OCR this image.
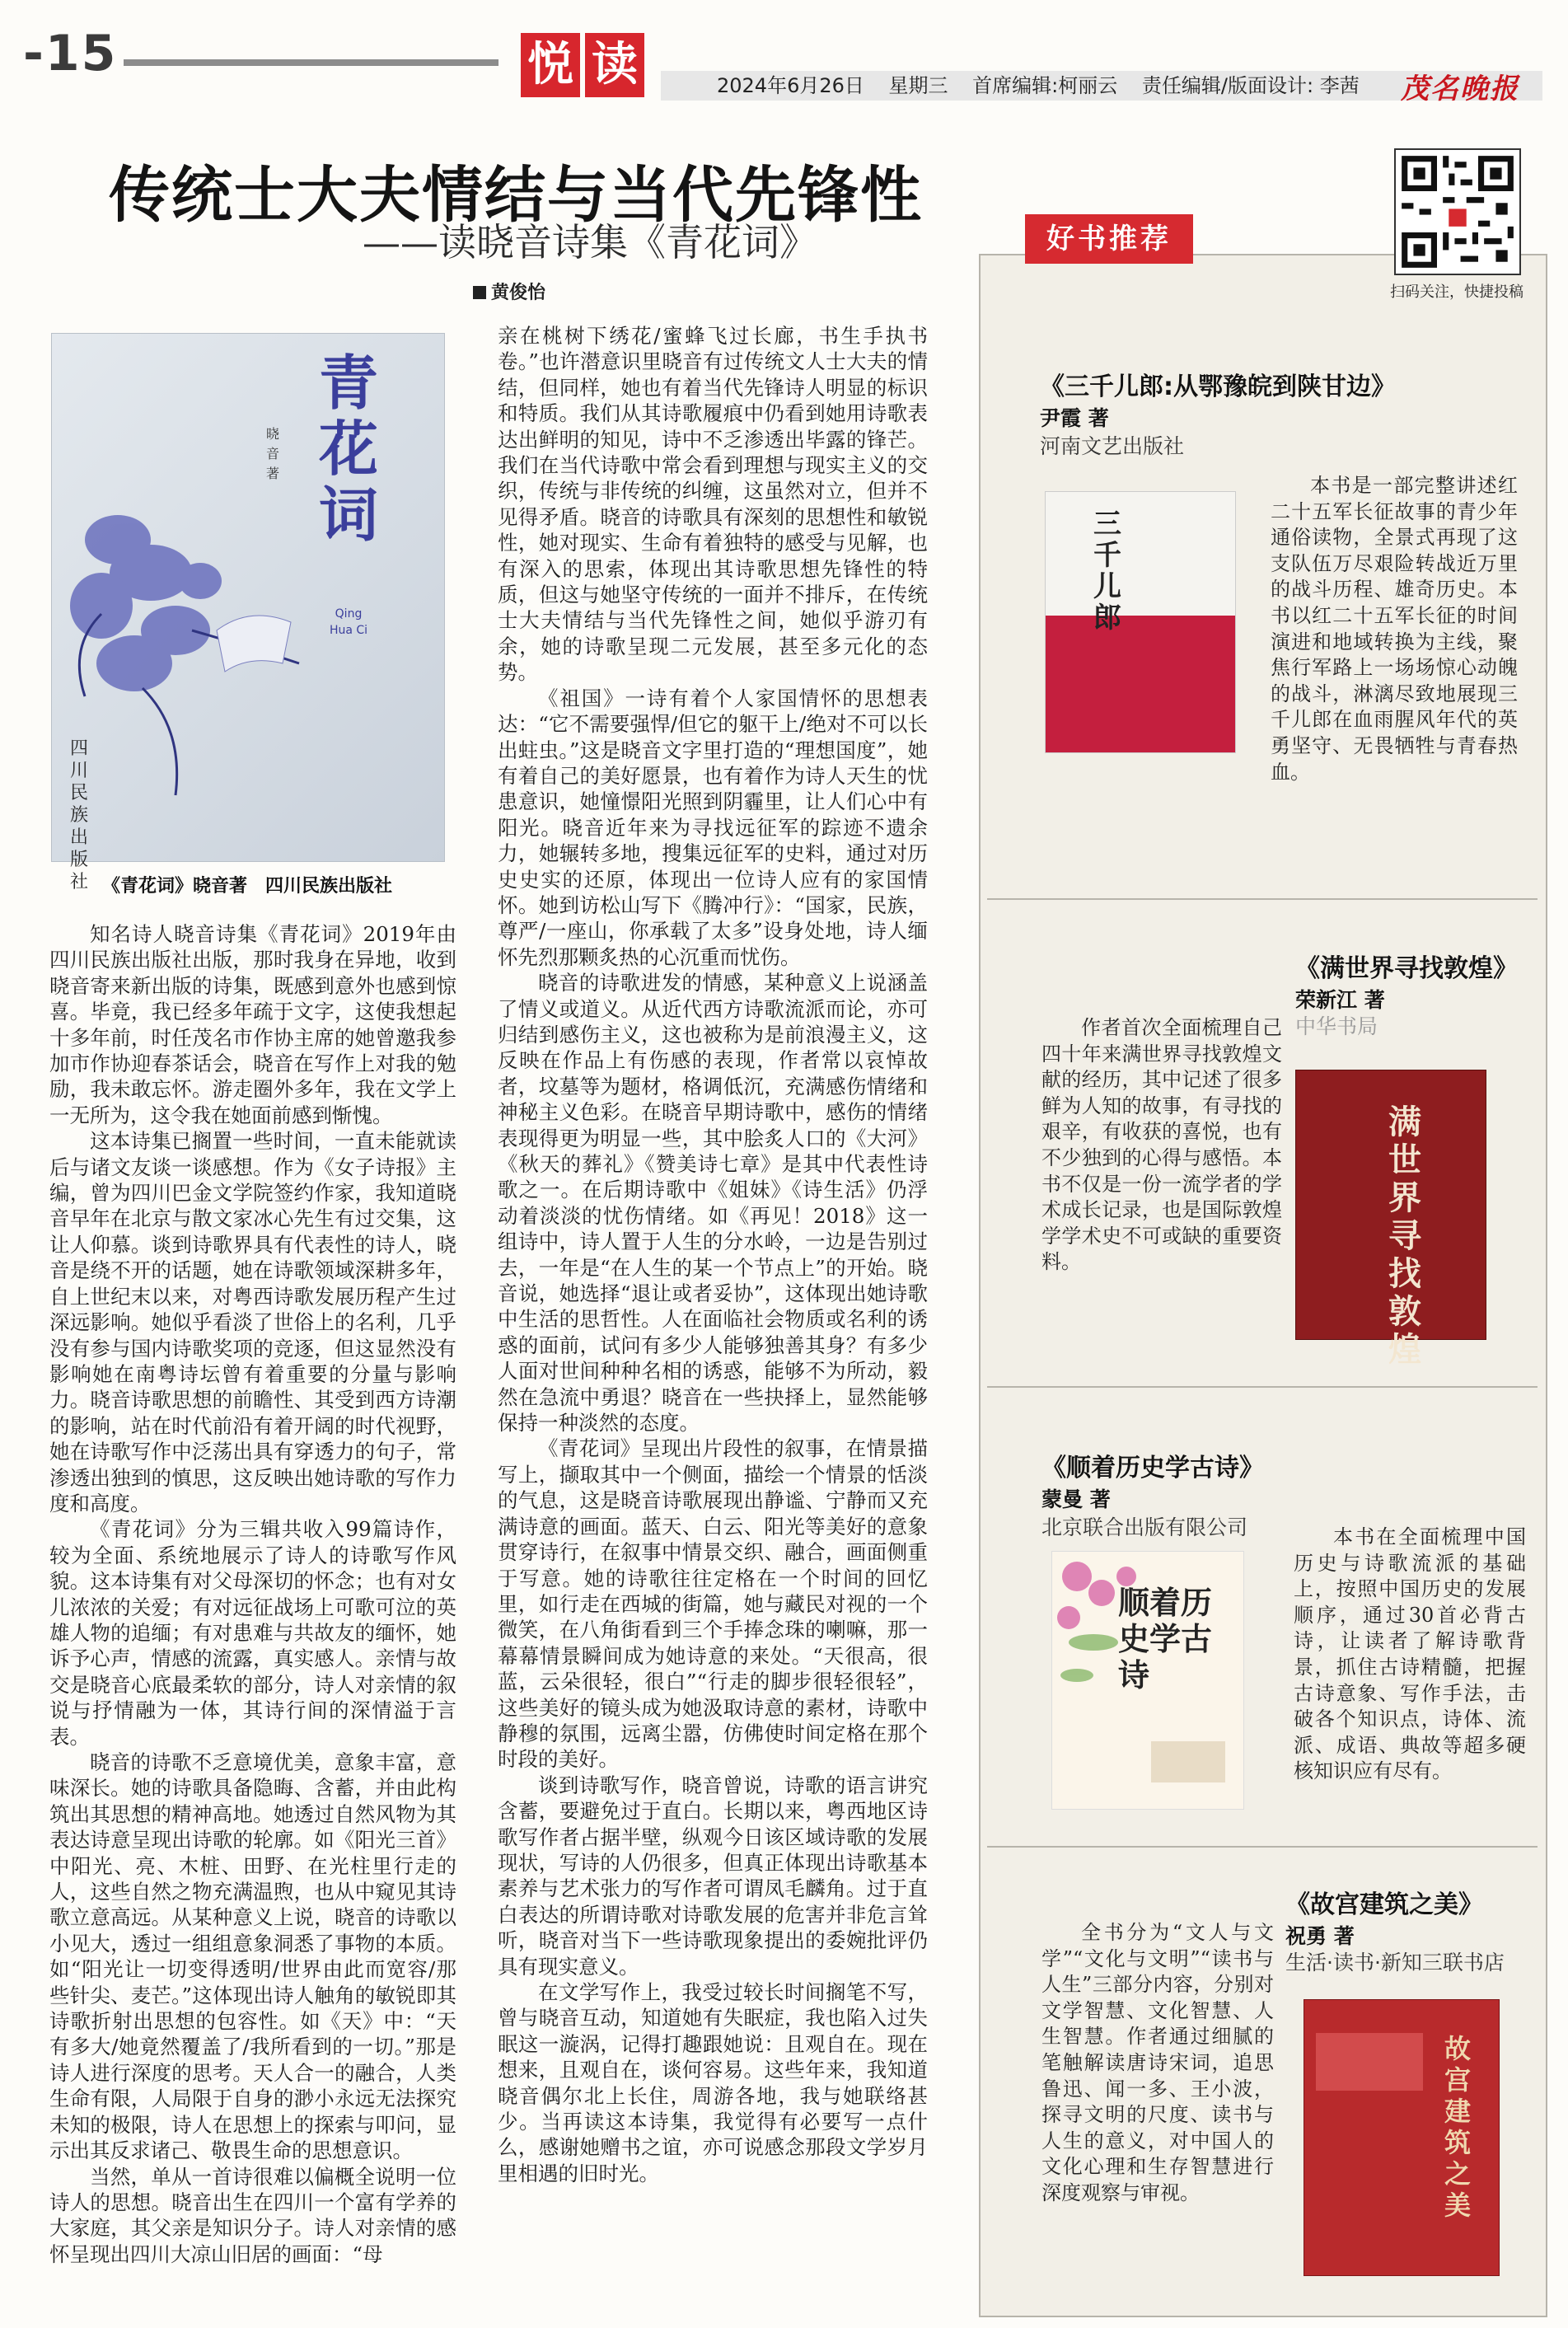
-15	悦 读	2024年6月26日 星期三 首席编辑:柯丽云 责任编辑/版面设计: 李茜	茂名晚报
传统士大夫情结与当代先锋性
——读晓音诗集《青花词》
黄俊怡
青花词
晓 音 著
Qing Hua Ci
四川民族出版社 《青花词》晓音著　四川民族出版社

知名诗人晓音诗集《青花词》2019年由四川民族出版社出版，那时我身在异地，收到晓音寄来新出版的诗集，既感到意外也感到惊喜。毕竟，我已经多年疏于文字，这使我想起十多年前，时任茂名市作协主席的她曾邀我参加市作协迎春茶话会，晓音在写作上对我的勉励，我未敢忘怀。游走圈外多年，我在文学上一无所为，这令我在她面前感到惭愧。

这本诗集已搁置一些时间，一直未能就读后与诸文友谈一谈感想。作为《女子诗报》主编，曾为四川巴金文学院签约作家，我知道晓音早年在北京与散文家冰心先生有过交集，这让人仰慕。谈到诗歌界具有代表性的诗人，晓音是绕不开的话题，她在诗歌领域深耕多年，自上世纪末以来，对粤西诗歌发展历程产生过深远影响。她似乎看淡了世俗上的名利，几乎没有参与国内诗歌奖项的竞逐，但这显然没有影响她在南粤诗坛曾有着重要的分量与影响力。晓音诗歌思想的前瞻性、其受到西方诗潮的影响，站在时代前沿有着开阔的时代视野，她在诗歌写作中泛荡出具有穿透力的句子，常渗透出独到的慎思，这反映出她诗歌的写作力度和高度。

《青花词》分为三辑共收入99篇诗作，较为全面、系统地展示了诗人的诗歌写作风貌。这本诗集有对父母深切的怀念；也有对女儿浓浓的关爱；有对远征战场上可歌可泣的英雄人物的追缅；有对患难与共故友的缅怀，她诉予心声，情感的流露，真实感人。亲情与故交是晓音心底最柔软的部分，诗人对亲情的叙说与抒情融为一体，其诗行间的深情溢于言表。

晓音的诗歌不乏意境优美，意象丰富，意味深长。她的诗歌具备隐晦、含蓄，并由此构筑出其思想的精神高地。她透过自然风物为其表达诗意呈现出诗歌的轮廓。如《阳光三首》中阳光、亮、木桩、田野、在光柱里行走的人，这些自然之物充满温煦，也从中窥见其诗歌立意高远。从某种意义上说，晓音的诗歌以小见大，透过一组组意象洞悉了事物的本质。如“阳光让一切变得透明/世界由此而宽容/那些针尖、麦芒。”这体现出诗人触角的敏锐即其诗歌折射出思想的包容性。如《天》中：“天有多大/她竟然覆盖了/我所看到的一切。”那是诗人进行深度的思考。天人合一的融合，人类生命有限，人局限于自身的渺小永远无法探究未知的极限，诗人在思想上的探索与叩问，显示出其反求诸己、敬畏生命的思想意识。

当然，单从一首诗很难以偏概全说明一位诗人的思想。晓音出生在四川一个富有学养的大家庭，其父亲是知识分子。诗人对亲情的感怀呈现出四川大凉山旧居的画面：“母

亲在桃树下绣花/蜜蜂飞过长廊，书生手执书卷。”也许潜意识里晓音有过传统文人士大夫的情结，但同样，她也有着当代先锋诗人明显的标识和特质。我们从其诗歌履痕中仍看到她用诗歌表达出鲜明的知见，诗中不乏渗透出毕露的锋芒。我们在当代诗歌中常会看到理想与现实主义的交织，传统与非传统的纠缠，这虽然对立，但并不见得矛盾。晓音的诗歌具有深刻的思想性和敏锐性，她对现实、生命有着独特的感受与见解，也有深入的思索，体现出其诗歌思想先锋性的特质，但这与她坚守传统的一面并不排斥，在传统士大夫情结与当代先锋性之间，她似乎游刃有余，她的诗歌呈现二元发展，甚至多元化的态势。

《祖国》一诗有着个人家国情怀的思想表达：“它不需要强悍/但它的躯干上/绝对不可以长出蛀虫。”这是晓音文字里打造的“理想国度”，她有着自己的美好愿景，也有着作为诗人天生的忧患意识，她憧憬阳光照到阴霾里，让人们心中有阳光。晓音近年来为寻找远征军的踪迹不遗余力，她辗转多地，搜集远征军的史料，通过对历史史实的还原，体现出一位诗人应有的家国情怀。她到访松山写下《腾冲行》：“国家，民族，尊严/一座山，你承载了太多”设身处地，诗人缅怀先烈那颗炙热的心沉重而忧伤。

晓音的诗歌进发的情感，某种意义上说涵盖了情义或道义。从近代西方诗歌流派而论，亦可归结到感伤主义，这也被称为是前浪漫主义，这反映在作品上有伤感的表现，作者常以哀悼故者，坟墓等为题材，格调低沉，充满感伤情绪和神秘主义色彩。在晓音早期诗歌中，感伤的情绪表现得更为明显一些，其中脍炙人口的《大河》《秋天的葬礼》《赞美诗七章》是其中代表性诗歌之一。在后期诗歌中《姐妹》《诗生活》仍浮动着淡淡的忧伤情绪。如《再见！2018》这一组诗中，诗人置于人生的分水岭，一边是告别过去，一年是“在人生的某一个节点上”的开始。晓音说，她选择“退让或者妥协”，这体现出她诗歌中生活的思哲性。人在面临社会物质或名利的诱惑的面前，试问有多少人能够独善其身？有多少人面对世间种种名相的诱惑，能够不为所动，毅然在急流中勇退？晓音在一些抉择上，显然能够保持一种淡然的态度。

《青花词》呈现出片段性的叙事，在情景描写上，撷取其中一个侧面，描绘一个情景的恬淡的气息，这是晓音诗歌展现出静谧、宁静而又充满诗意的画面。蓝天、白云、阳光等美好的意象贯穿诗行，在叙事中情景交织、融合，画面侧重于写意。她的诗歌往往定格在一个时间的回忆里，如行走在西城的街篇，她与藏民对视的一个微笑，在八角街看到三个手捧念珠的喇嘛，那一幕幕情景瞬间成为她诗意的来处。“天很高，很蓝，云朵很轻，很白”“行走的脚步很轻很轻”，这些美好的镜头成为她汲取诗意的素材，诗歌中静穆的氛围，远离尘嚣，仿佛使时间定格在那个时段的美好。

谈到诗歌写作，晓音曾说，诗歌的语言讲究含蓄，要避免过于直白。长期以来，粤西地区诗歌写作者占据半壁，纵观今日该区域诗歌的发展现状，写诗的人仍很多，但真正体现出诗歌基本素养与艺术张力的写作者可谓凤毛麟角。过于直白表达的所谓诗歌对诗歌发展的危害并非危言耸听，晓音对当下一些诗歌现象提出的委婉批评仍具有现实意义。

在文学写作上，我受过较长时间搁笔不写，曾与晓音互动，知道她有失眠症，我也陷入过失眠这一漩涡，记得打趣跟她说：且观自在。现在想来，且观自在，谈何容易。这些年来，我知道晓音偶尔北上长住，周游各地，我与她联络甚少。当再读这本诗集，我觉得有必要写一点什么，感谢她赠书之谊，亦可说感念那段文学岁月里相遇的旧时光。

好书推荐
扫码关注，快捷投稿
《三千儿郎:从鄂豫皖到陕甘边》
尹霞 著
河南文艺出版社
三千儿郎

本书是一部完整讲述红二十五军长征故事的青少年通俗读物，全景式再现了这支队伍万尽艰险转战近万里的战斗历程、雄奇历史。本书以红二十五军长征的时间演进和地域转换为主线，聚焦行军路上一场场惊心动魄的战斗，淋漓尽致地展现三千儿郎在血雨腥风年代的英勇坚守、无畏牺牲与青春热血。

《满世界寻找敦煌》
荣新江 著
中华书局

作者首次全面梳理自己四十年来满世界寻找敦煌文献的经历，其中记述了很多鲜为人知的故事，有寻找的艰辛，有收获的喜悦，也有不少独到的心得与感悟。本书不仅是一份一流学者的学术成长记录，也是国际敦煌学学术史不可或缺的重要资料。

满世界寻找敦煌
《顺着历史学古诗》
蒙曼 著
北京联合出版有限公司
顺着历史学古诗

本书在全面梳理中国历史与诗歌流派的基础上，按照中国历史的发展顺序，通过30首必背古诗，让读者了解诗歌背景，抓住古诗精髓，把握古诗意象、写作手法，击破各个知识点，诗体、流派、成语、典故等超多硬核知识应有尽有。

《故宫建筑之美》
祝勇 著
生活·读书·新知三联书店

全书分为“文人与文学”“文化与文明”“读书与人生”三部分内容，分别对文学智慧、文化智慧、人生智慧。作者通过细腻的笔触解读唐诗宋词，追思鲁迅、闻一多、王小波，探寻文明的尺度、读书与人生的意义，对中国人的文化心理和生存智慧进行深度观察与审视。

故宫建筑之美
